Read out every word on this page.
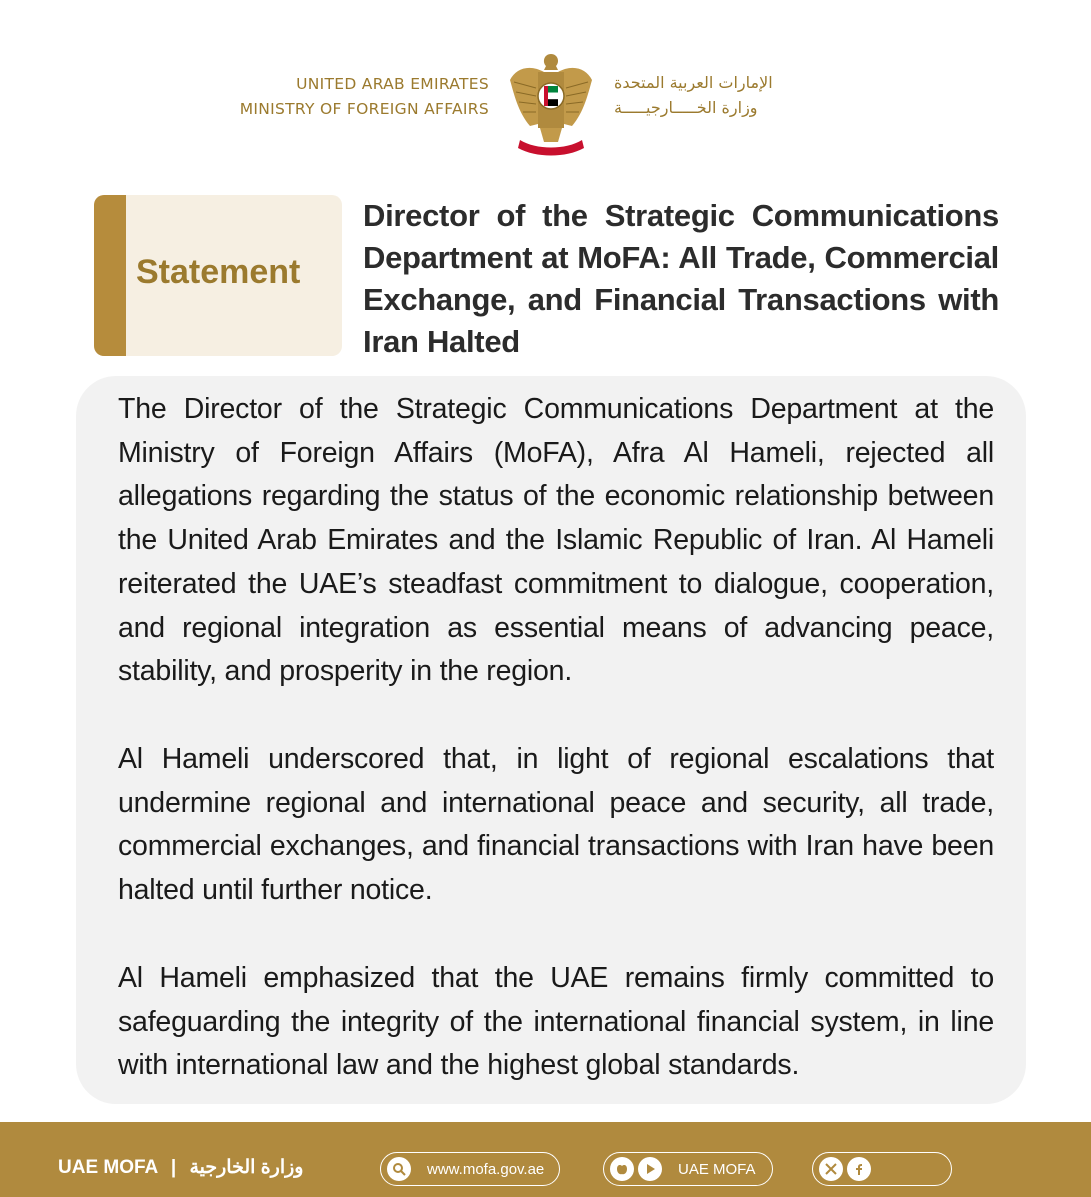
UNITED ARAB EMIRATES
MINISTRY OF FOREIGN AFFAIRS
الإمارات العربية المتحدة
وزارة الخـــــارجيـــــة
Statement
Director of the Strategic Communications Department at MoFA: All Trade, Commercial Exchange, and Financial Transactions with Iran Halted
The Director of the Strategic Communications Department at the Ministry of Foreign Affairs (MoFA), Afra Al Hameli, rejected all allegations regarding the status of the economic relationship between the United Arab Emirates and the Islamic Republic of Iran. Al Hameli reiterated the UAE’s steadfast commitment to dialogue, cooperation, and regional integration as essential means of advancing peace, stability, and prosperity in the region.
Al Hameli underscored that, in light of regional escalations that undermine regional and international peace and security, all trade, commercial exchanges, and financial transactions with Iran have been halted until further notice.
Al Hameli emphasized that the UAE remains firmly committed to safeguarding the integrity of the international financial system, in line with international law and the highest global standards.
UAE MOFA | وزارة الخارجية	www.mofa.gov.ae	UAE MOFA
